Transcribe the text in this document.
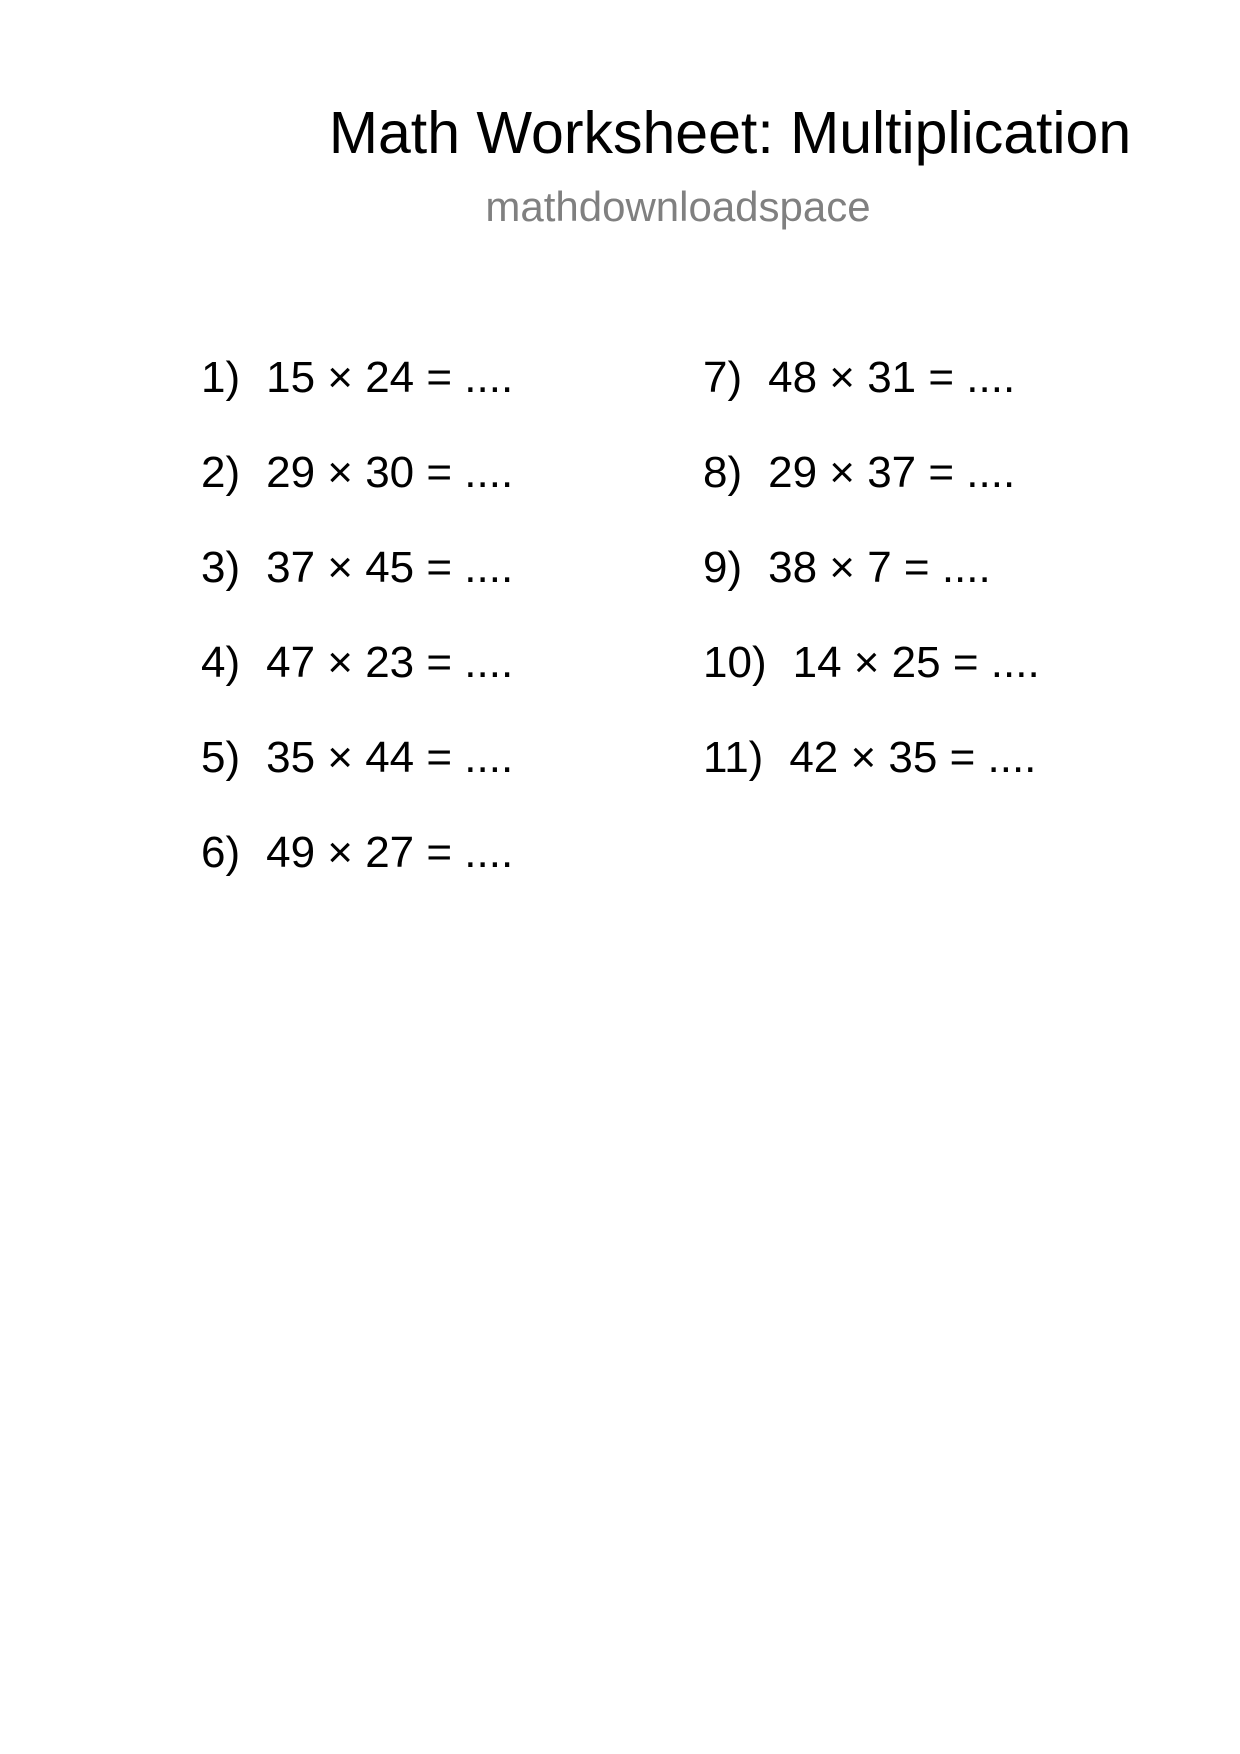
Math Worksheet: Multiplication
mathdownloadspace
1) 15 × 24 = ....
2) 29 × 30 = ....
3) 37 × 45 = ....
4) 47 × 23 = ....
5) 35 × 44 = ....
6) 49 × 27 = ....
7) 48 × 31 = ....
8) 29 × 37 = ....
9) 38 × 7 = ....
10) 14 × 25 = ....
11) 42 × 35 = ....
